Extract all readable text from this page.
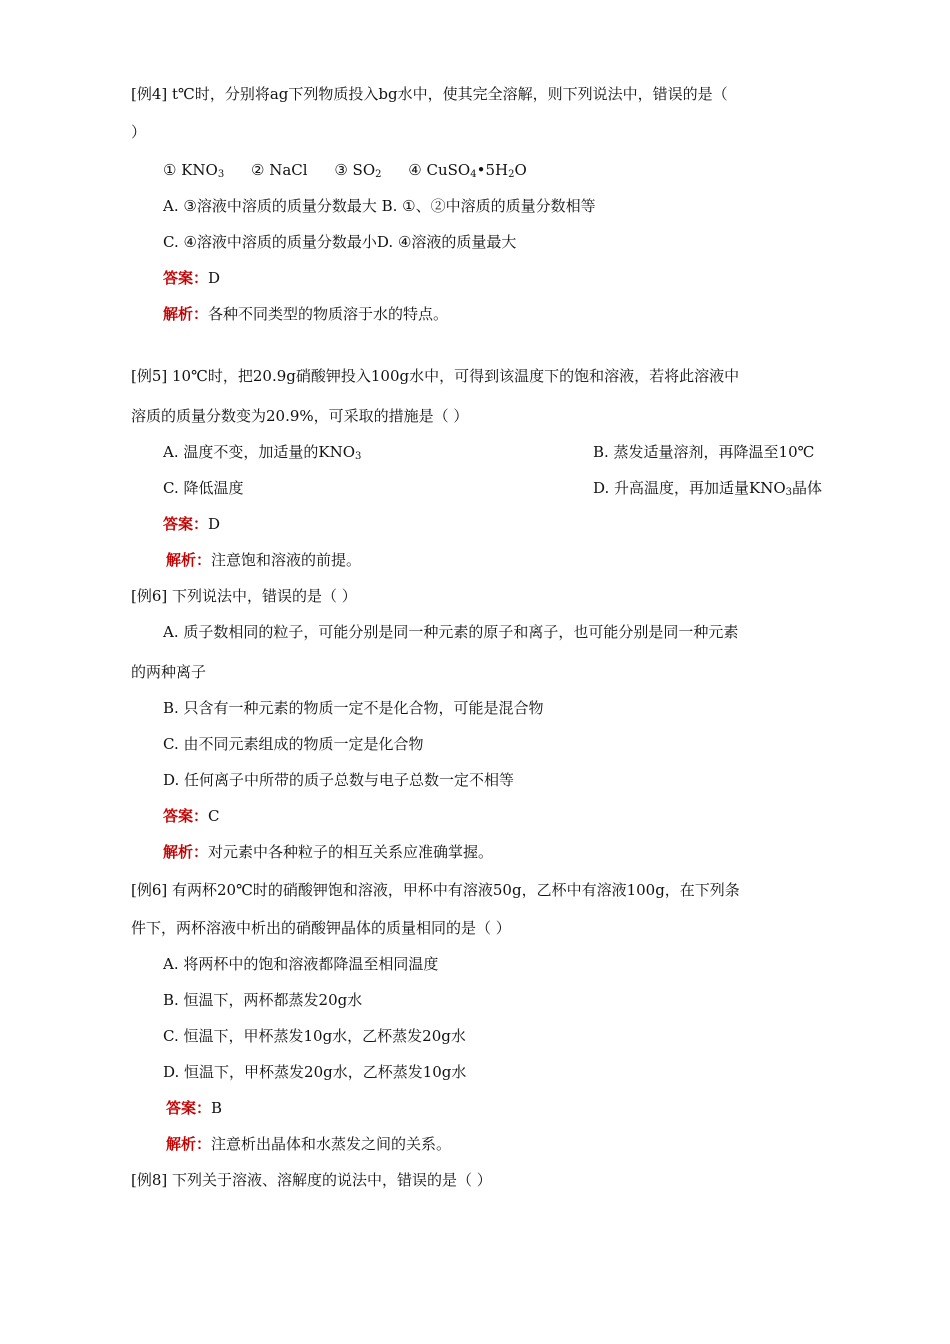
[例4] t℃时，分别将ag下列物质投入bg水中，使其完全溶解，则下列说法中，错误的是（
）
① $KNO_3$ ② NaCl ③ $SO_2$ ④ $CuSO_4•5H_2O$
A. ③溶液中溶质的质量分数最大 B. ①、②中溶质的质量分数相等
C. ④溶液中溶质的质量分数最小D. ④溶液的质量最大
答案：D
解析：各种不同类型的物质溶于水的特点。
[例5] 10℃时，把20.9g硝酸钾投入100g水中，可得到该温度下的饱和溶液，若将此溶液中
溶质的质量分数变为20.9%，可采取的措施是（ ）
A. 温度不变，加适量的$KNO_3$	B. 蒸发适量溶剂，再降温至10℃
C. 降低温度	D. 升高温度，再加适量$KNO_3$晶体
答案：D
解析：注意饱和溶液的前提。
[例6] 下列说法中，错误的是（ ）
A. 质子数相同的粒子，可能分别是同一种元素的原子和离子，也可能分别是同一种元素
的两种离子
B. 只含有一种元素的物质一定不是化合物，可能是混合物
C. 由不同元素组成的物质一定是化合物
D. 任何离子中所带的质子总数与电子总数一定不相等
答案：C
解析：对元素中各种粒子的相互关系应准确掌握。
[例6] 有两杯20℃时的硝酸钾饱和溶液，甲杯中有溶液50g，乙杯中有溶液100g，在下列条
件下，两杯溶液中析出的硝酸钾晶体的质量相同的是（ ）
A. 将两杯中的饱和溶液都降温至相同温度
B. 恒温下，两杯都蒸发20g水
C. 恒温下，甲杯蒸发10g水，乙杯蒸发20g水
D. 恒温下，甲杯蒸发20g水，乙杯蒸发10g水
答案：B
解析：注意析出晶体和水蒸发之间的关系。
[例8] 下列关于溶液、溶解度的说法中，错误的是（ ）
